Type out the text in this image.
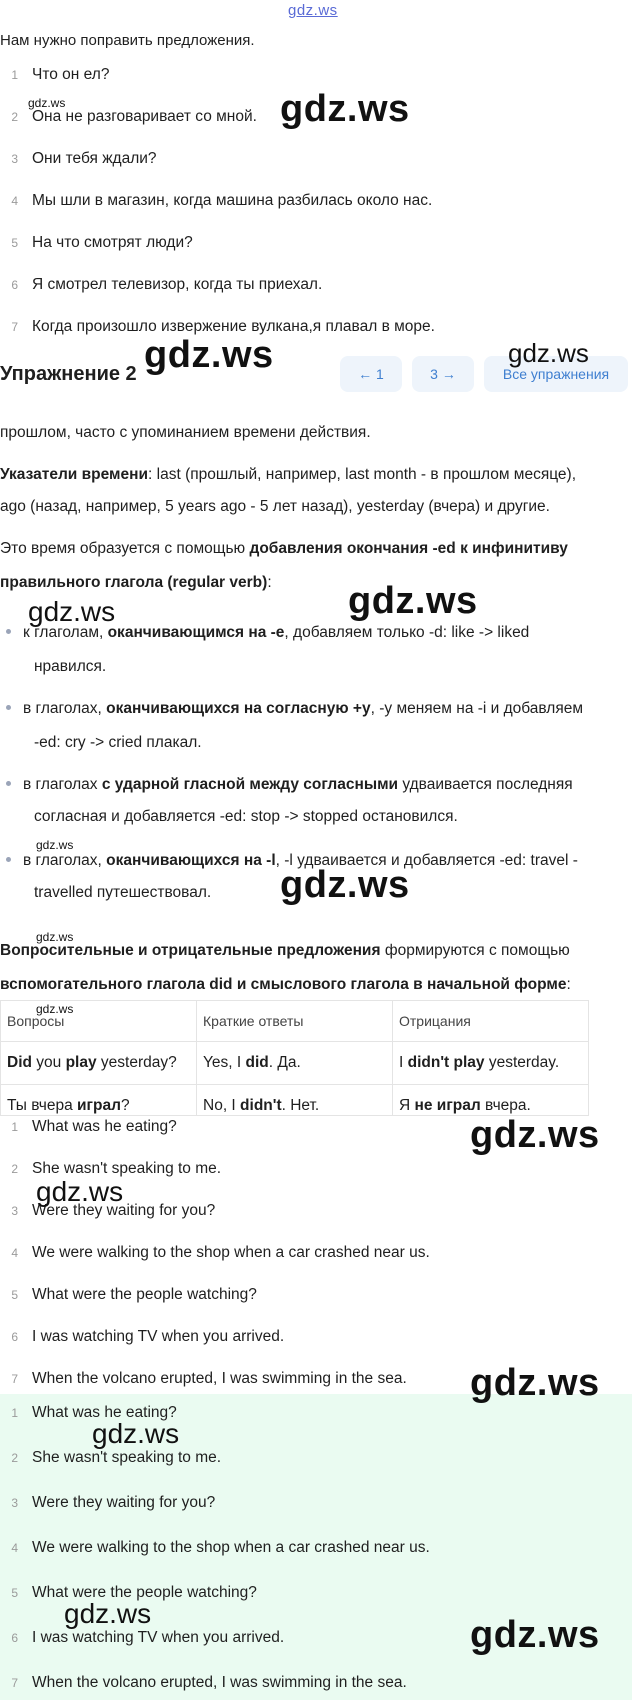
gdz.ws
Нам нужно поправить предложения.
1 Что он ел?
2 Она не разговаривает со мной.
3 Они тебя ждали?
4 Мы шли в магазин, когда машина разбилась около нас.
5 На что смотрят люди?
6 Я смотрел телевизор, когда ты приехал.
7 Когда произошло извержение вулкана,я плавал в море.
Упражнение 2	← 1	3 →	Все упражнения
прошлом, часто с упоминанием времени действия.
Указатели времени: last (прошлый, например, last month - в прошлом месяце),
ago (назад, например, 5 years ago - 5 лет назад), yesterday (вчера) и другие.
Это время образуется с помощью добавления окончания -ed к инфинитиву
правильного глагола (regular verb):
к глаголам, оканчивающимся на -e, добавляем только -d: like -> liked
нравился.
в глаголах, оканчивающихся на согласную +y, -y меняем на -i и добавляем
-ed: cry -> cried плакал.
в глаголах с ударной гласной между согласными удваивается последняя
согласная и добавляется -ed: stop -> stopped остановился.
в глаголах, оканчивающихся на -l, -l удваивается и добавляется -ed: travel -
travelled путешествовал.
Вопросительные и отрицательные предложения формируются с помощью
вспомогательного глагола did и смыслового глагола в начальной форме:
Вопросы	Краткие ответы	Отрицания
Did you play yesterday?	Yes, I did. Да.	I didn't play yesterday.
Ты вчера играл?	No, I didn't. Нет.	Я не играл вчера.
1 What was he eating?
2 She wasn't speaking to me.
3 Were they waiting for you?
4 We were walking to the shop when a car crashed near us.
5 What were the people watching?
6 I was watching TV when you arrived.
7 When the volcano erupted, I was swimming in the sea.
1 What was he eating?
2 She wasn't speaking to me.
3 Were they waiting for you?
4 We were walking to the shop when a car crashed near us.
5 What were the people watching?
6 I was watching TV when you arrived.
7 When the volcano erupted, I was swimming in the sea.
gdz.ws
gdz.ws
gdz.ws	gdz.ws
gdz.ws	gdz.ws
gdz.ws
gdz.ws
gdz.ws
gdz.ws
gdz.ws
gdz.ws
gdz.ws
gdz.ws
gdz.ws
gdz.ws
